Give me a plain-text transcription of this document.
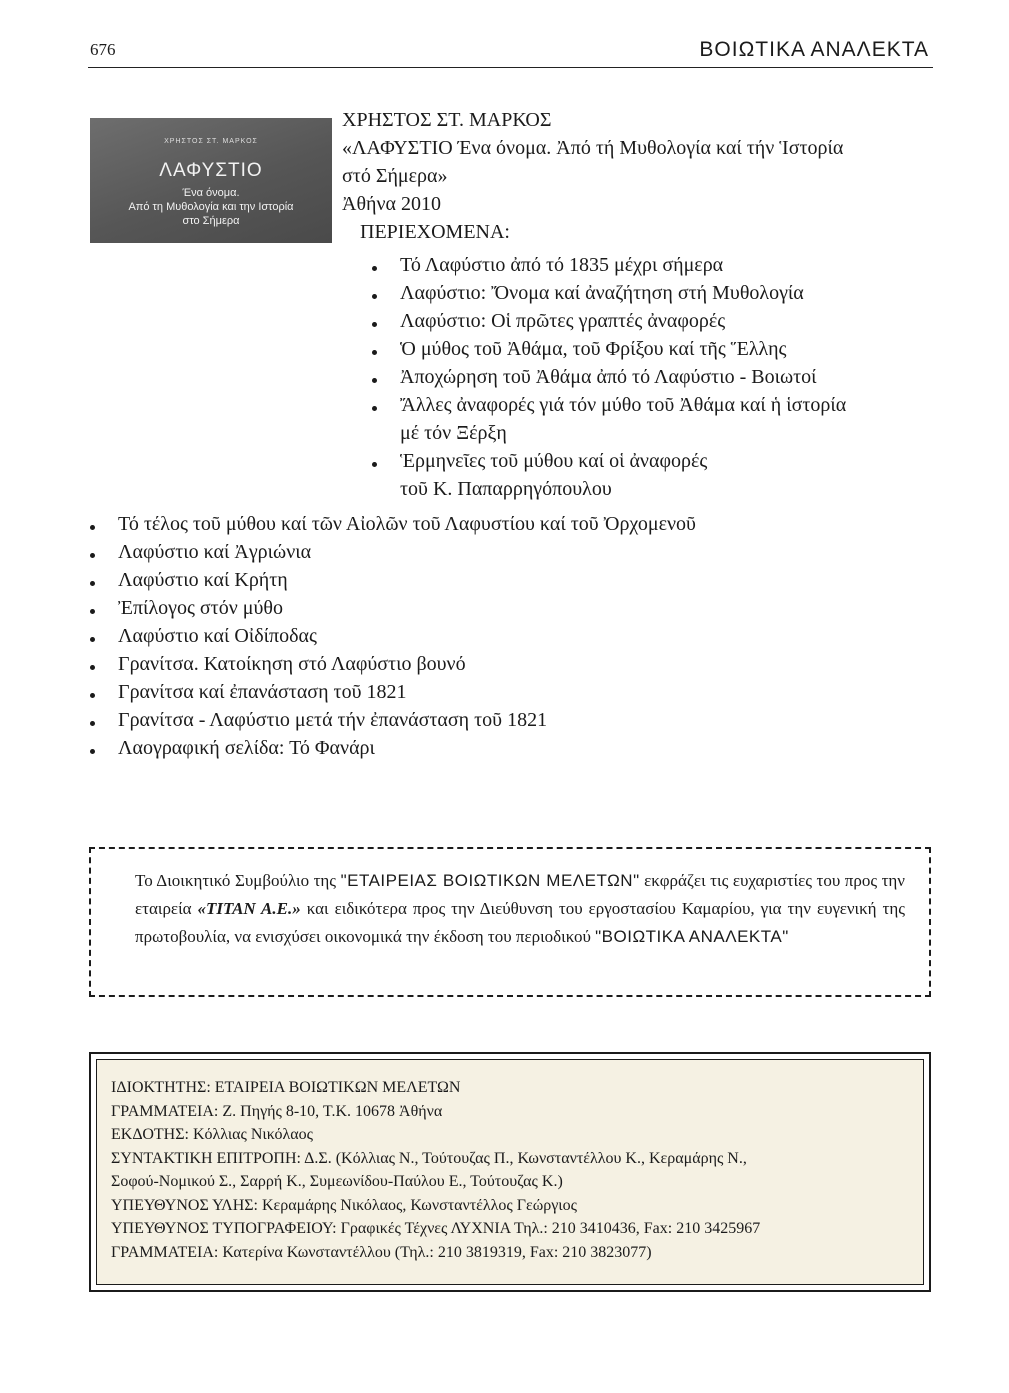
676	ΒΟΙΩΤΙΚΑ ΑΝΑΛΕΚΤΑ
ΧΡΗΣΤΟΣ ΣΤ. ΜΑΡΚΟΣ
ΛΑΦΥΣΤΙΟ
Ένα όνομα.
Από τη Μυθολογία και την Ιστορία
στο Σήμερα
ΧΡΗΣΤΟΣ ΣΤ. ΜΑΡΚΟΣ
«ΛΑΦΥΣΤΙΟ Ένα όνομα. Ἀπό τή Μυθολογία καί τήν Ἱστορία
στό Σήμερα»
Ἀθήνα 2010
ΠΕΡΙΕΧΟΜΕΝΑ:
Τό Λαφύστιο ἀπό τό 1835 μέχρι σήμερα
Λαφύστιο: Ὄνομα καί ἀναζήτηση στή Μυθολογία
Λαφύστιο: Οἱ πρῶτες γραπτές ἀναφορές
Ὁ μύθος τοῦ Ἀθάμα, τοῦ Φρίξου καί τῆς Ἕλλης
Ἀποχώρηση τοῦ Ἀθάμα ἀπό τό Λαφύστιο - Βοιωτοί
Ἄλλες ἀναφορές γιά τόν μύθο τοῦ Ἀθάμα καί ἡ ἱστορία
μέ τόν Ξέρξη
Ἑρμηνεῖες τοῦ μύθου καί οἱ ἀναφορές
τοῦ Κ. Παπαρρηγόπουλου
Τό τέλος τοῦ μύθου καί τῶν Αἰολῶν τοῦ Λαφυστίου καί τοῦ Ὀρχομενοῦ
Λαφύστιο καί Ἀγριώνια
Λαφύστιο καί Κρήτη
Ἐπίλογος στόν μύθο
Λαφύστιο καί Οἰδίποδας
Γρανίτσα. Κατοίκηση στό Λαφύστιο βουνό
Γρανίτσα καί ἐπανάσταση τοῦ 1821
Γρανίτσα - Λαφύστιο μετά τήν ἐπανάσταση τοῦ 1821
Λαογραφική σελίδα: Τό Φανάρι
Το Διοικητικό Συμβούλιο της "ΕΤΑΙΡΕΙΑΣ ΒΟΙΩΤΙΚΩΝ ΜΕΛΕΤΩΝ" εκφράζει τις ευχαριστίες του προς την εταιρεία «ΤΙΤΑΝ Α.Ε.» και ειδικότερα προς την Διεύθυνση του εργοστασίου Καμαρίου, για την ευγενική της πρωτοβουλία, να ενισχύσει οικονομικά την έκδοση του περιοδικού "ΒΟΙΩΤΙΚΑ ΑΝΑΛΕΚΤΑ"
ΙΔΙΟΚΤΗΤΗΣ: ΕΤΑΙΡΕΙΑ ΒΟΙΩΤΙΚΩΝ ΜΕΛΕΤΩΝ
ΓΡΑΜΜΑΤΕΙΑ: Ζ. Πηγής 8-10, Τ.Κ. 10678 Ἀθήνα
ΕΚΔΟΤΗΣ: Κόλλιας Νικόλαος
ΣΥΝΤΑΚΤΙΚΗ ΕΠΙΤΡΟΠΗ: Δ.Σ. (Κόλλιας Ν., Τούτουζας Π., Κωνσταντέλλου Κ., Κεραμάρης Ν.,
Σοφού-Νομικού Σ., Σαρρή Κ., Συμεωνίδου-Παύλου Ε., Τούτουζας Κ.)
ΥΠΕΥΘΥΝΟΣ ΥΛΗΣ: Κεραμάρης Νικόλαος, Κωνσταντέλλος Γεώργιος
ΥΠΕΥΘΥΝΟΣ ΤΥΠΟΓΡΑΦΕΙΟΥ: Γραφικές Τέχνες ΛΥΧΝΙΑ Τηλ.: 210 3410436, Fax: 210 3425967
ΓΡΑΜΜΑΤΕΙΑ: Κατερίνα Κωνσταντέλλου (Τηλ.: 210 3819319, Fax: 210 3823077)
